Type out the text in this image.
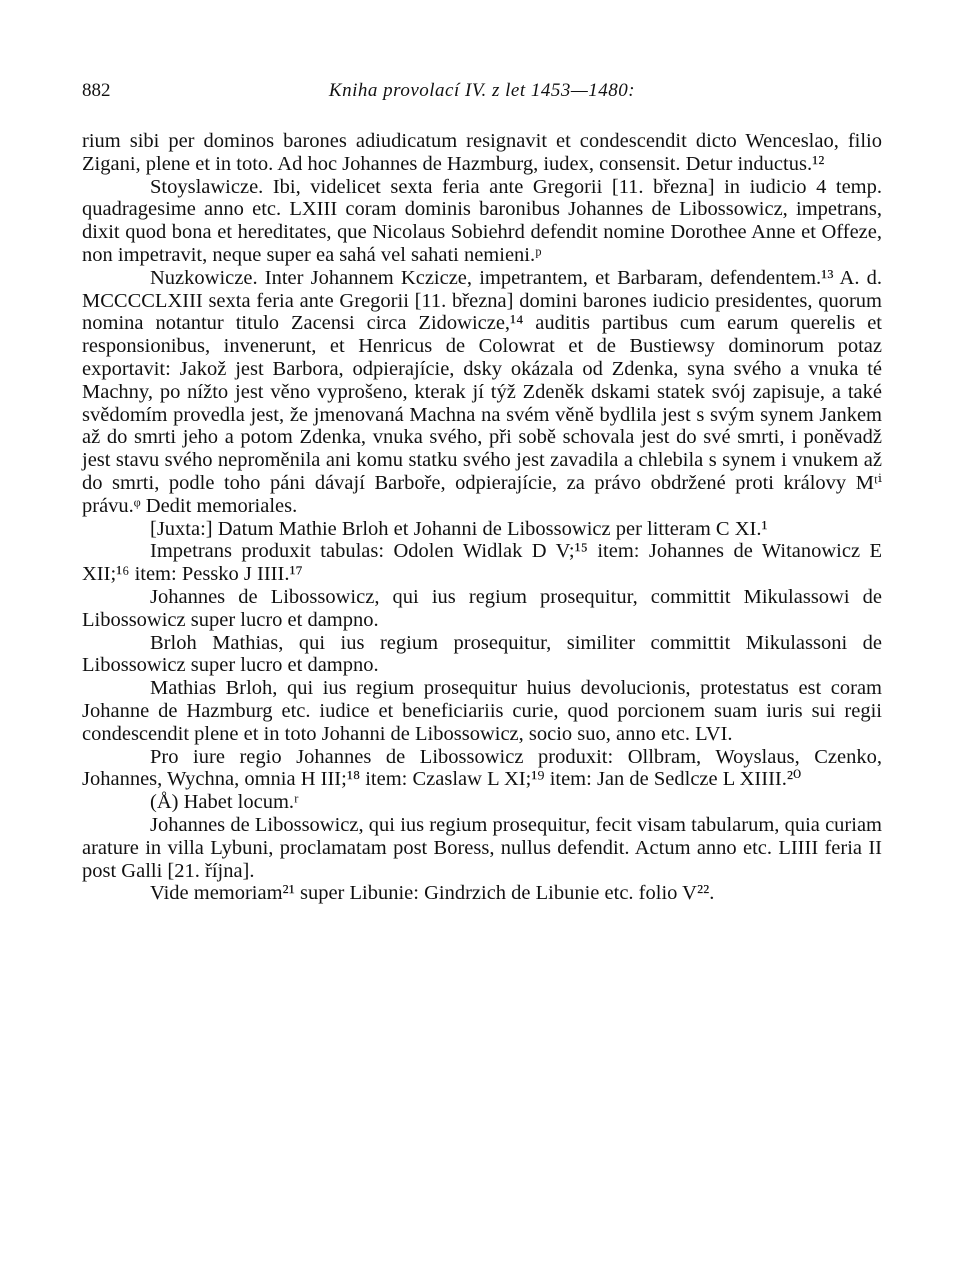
882	Kniha provolací IV. z let 1453—1480:

rium sibi per dominos barones adiudicatum resignavit et condescendit dicto Wenceslao, filio Zigani, plene et in toto. Ad hoc Johannes de Hazmburg, iudex, consensit. Detur inductus.¹²

Stoyslawicze. Ibi, videlicet sexta feria ante Gregorii [11. března] in iudicio 4 temp. quadragesime anno etc. LXIII coram dominis baronibus Johannes de Libossowicz, impetrans, dixit quod bona et hereditates, que Nicolaus Sobiehrd defendit nomine Dorothee Anne et Offeze, non impetravit, neque super ea sahá vel sahati nemieni.ᵖ

Nuzkowicze. Inter Johannem Kczicze, impetrantem, et Barbaram, defendentem.¹³ A. d. MCCCCLXIII sexta feria ante Gregorii [11. března] domini barones iudicio presidentes, quorum nomina notantur titulo Zacensi circa Zidowicze,¹⁴ auditis partibus cum earum querelis et responsionibus, invenerunt, et Henricus de Colowrat et de Bustiewsy dominorum potaz exportavit: Jakož jest Barbora, odpierajície, dsky okázala od Zdenka, syna svého a vnuka té Machny, po nížto jest věno vyprošeno, kterak jí týž Zdeněk dskami statek svój zapisuje, a také svědomím provedla jest, že jmenovaná Machna na svém věně bydlila jest s svým synem Jankem až do smrti jeho a potom Zdenka, vnuka svého, při sobě schovala jest do své smrti, i poněvadž jest stavu svého neproměnila ani komu statku svého jest zavadila a chlebila s synem i vnukem až do smrti, podle toho páni dávají Barboře, odpierajície, za právo obdržené proti královy Mᵗⁱ právu.ᵠ Dedit memoriales.

[Juxta:] Datum Mathie Brloh et Johanni de Libossowicz per litteram C XI.¹

Impetrans produxit tabulas: Odolen Widlak D V;¹⁵ item: Johannes de Witanowicz E XII;¹⁶ item: Pessko J IIII.¹⁷

Johannes de Libossowicz, qui ius regium prosequitur, committit Mikulassowi de Libossowicz super lucro et dampno.

Brloh Mathias, qui ius regium prosequitur, similiter committit Mikulassoni de Libossowicz super lucro et dampno.

Mathias Brloh, qui ius regium prosequitur huius devolucionis, protestatus est coram Johanne de Hazmburg etc. iudice et beneficiariis curie, quod porcionem suam iuris sui regii condescendit plene et in toto Johanni de Libossowicz, socio suo, anno etc. LVI.

Pro iure regio Johannes de Libossowicz produxit: Ollbram, Woyslaus, Czenko, Johannes, Wychna, omnia H III;¹⁸ item: Czaslaw L XI;¹⁹ item: Jan de Sedlcze L XIIII.²⁰

(Å) Habet locum.ʳ

Johannes de Libossowicz, qui ius regium prosequitur, fecit visam tabularum, quia curiam arature in villa Lybuni, proclamatam post Boress, nullus defendit. Actum anno etc. LIIII feria II post Galli [21. října].

Vide memoriam²¹ super Libunie: Gindrzich de Libunie etc. folio V²².
